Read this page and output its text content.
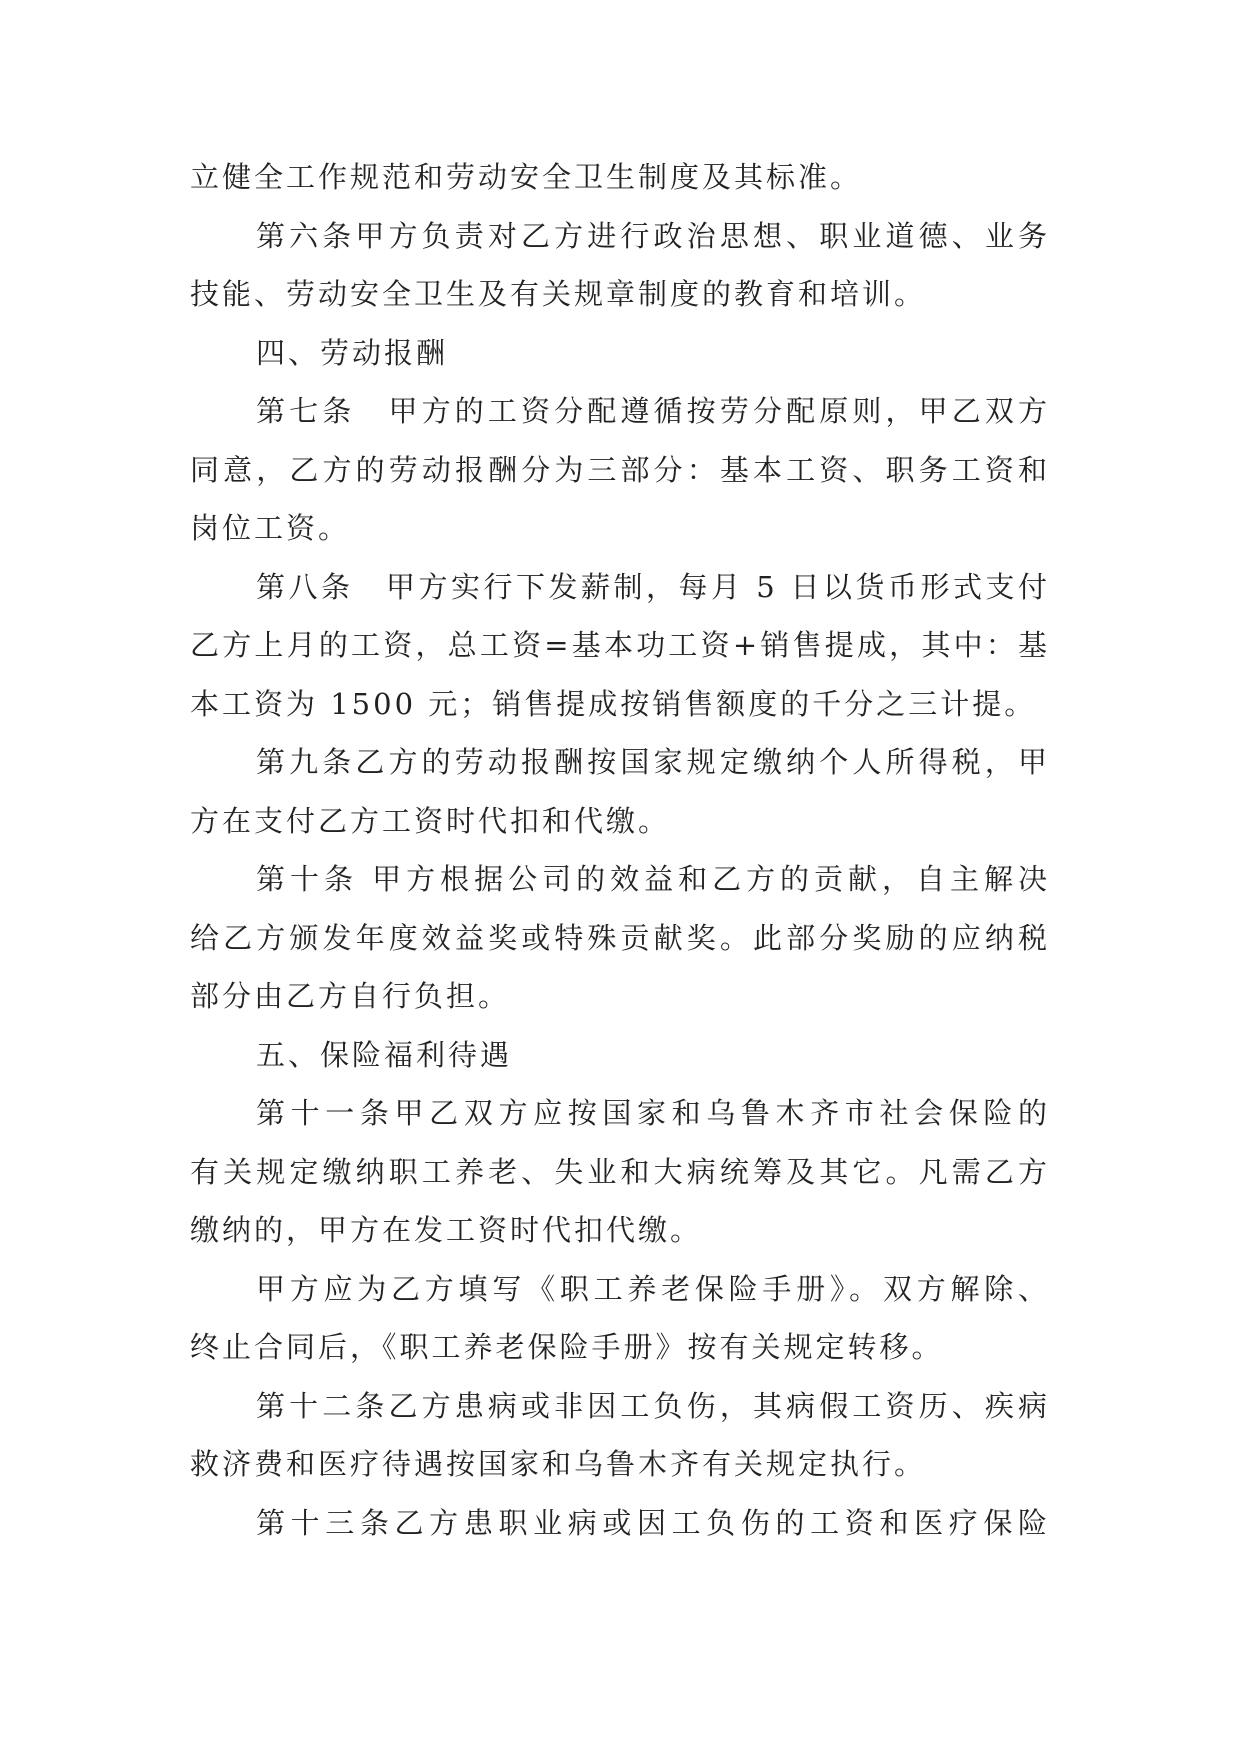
立健全工作规范和劳动安全卫生制度及其标准。
第六条甲方负责对乙方进行政治思想、职业道德、业务
技能、劳动安全卫生及有关规章制度的教育和培训。
四、劳动报酬
第七条　甲方的工资分配遵循按劳分配原则，甲乙双方
同意，乙方的劳动报酬分为三部分：基本工资、职务工资和
岗位工资。
第八条　甲方实行下发薪制，每月 5 日以货币形式支付
乙方上月的工资，总工资=基本功工资+销售提成，其中：基
本工资为 1500 元；销售提成按销售额度的千分之三计提。
第九条乙方的劳动报酬按国家规定缴纳个人所得税，甲
方在支付乙方工资时代扣和代缴。
第十条 甲方根据公司的效益和乙方的贡献，自主解决
给乙方颁发年度效益奖或特殊贡献奖。此部分奖励的应纳税
部分由乙方自行负担。
五、保险福利待遇
第十一条甲乙双方应按国家和乌鲁木齐市社会保险的
有关规定缴纳职工养老、失业和大病统筹及其它。凡需乙方
缴纳的，甲方在发工资时代扣代缴。
甲方应为乙方填写《职工养老保险手册》。双方解除、
终止合同后，《职工养老保险手册》按有关规定转移。
第十二条乙方患病或非因工负伤，其病假工资历、疾病
救济费和医疗待遇按国家和乌鲁木齐有关规定执行。
第十三条乙方患职业病或因工负伤的工资和医疗保险
